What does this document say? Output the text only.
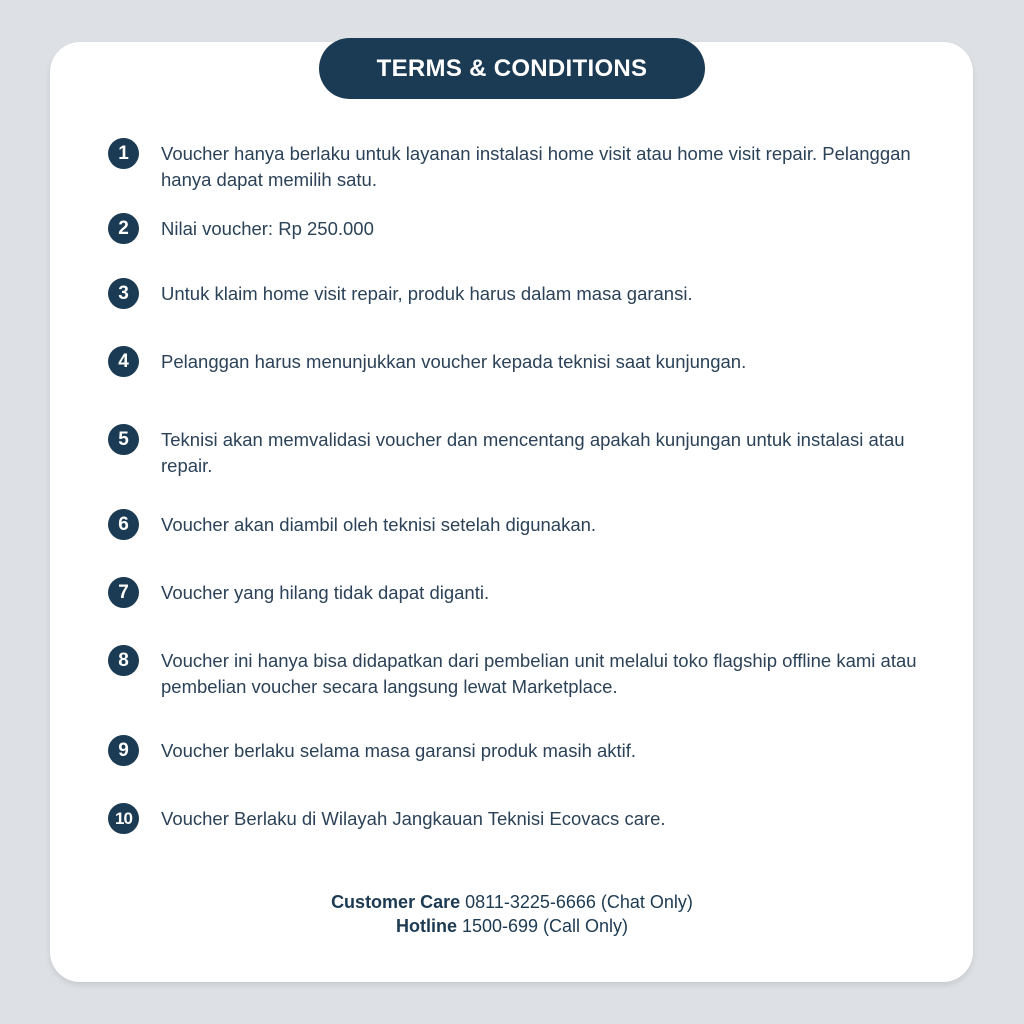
TERMS & CONDITIONS
1	Voucher hanya berlaku untuk layanan instalasi home visit atau home visit repair. Pelanggan hanya dapat memilih satu.
2	Nilai voucher: Rp 250.000
3	Untuk klaim home visit repair, produk harus dalam masa garansi.
4	Pelanggan harus menunjukkan voucher kepada teknisi saat kunjungan.
5	Teknisi akan memvalidasi voucher dan mencentang apakah kunjungan untuk instalasi atau repair.
6	Voucher akan diambil oleh teknisi setelah digunakan.
7	Voucher yang hilang tidak dapat diganti.
8	Voucher ini hanya bisa didapatkan dari pembelian unit melalui toko flagship offline kami atau pembelian voucher secara langsung lewat Marketplace.
9	Voucher berlaku selama masa garansi produk masih aktif.
10	Voucher Berlaku di Wilayah Jangkauan Teknisi Ecovacs care.
Customer Care 0811-3225-6666 (Chat Only)
Hotline 1500-699 (Call Only)
